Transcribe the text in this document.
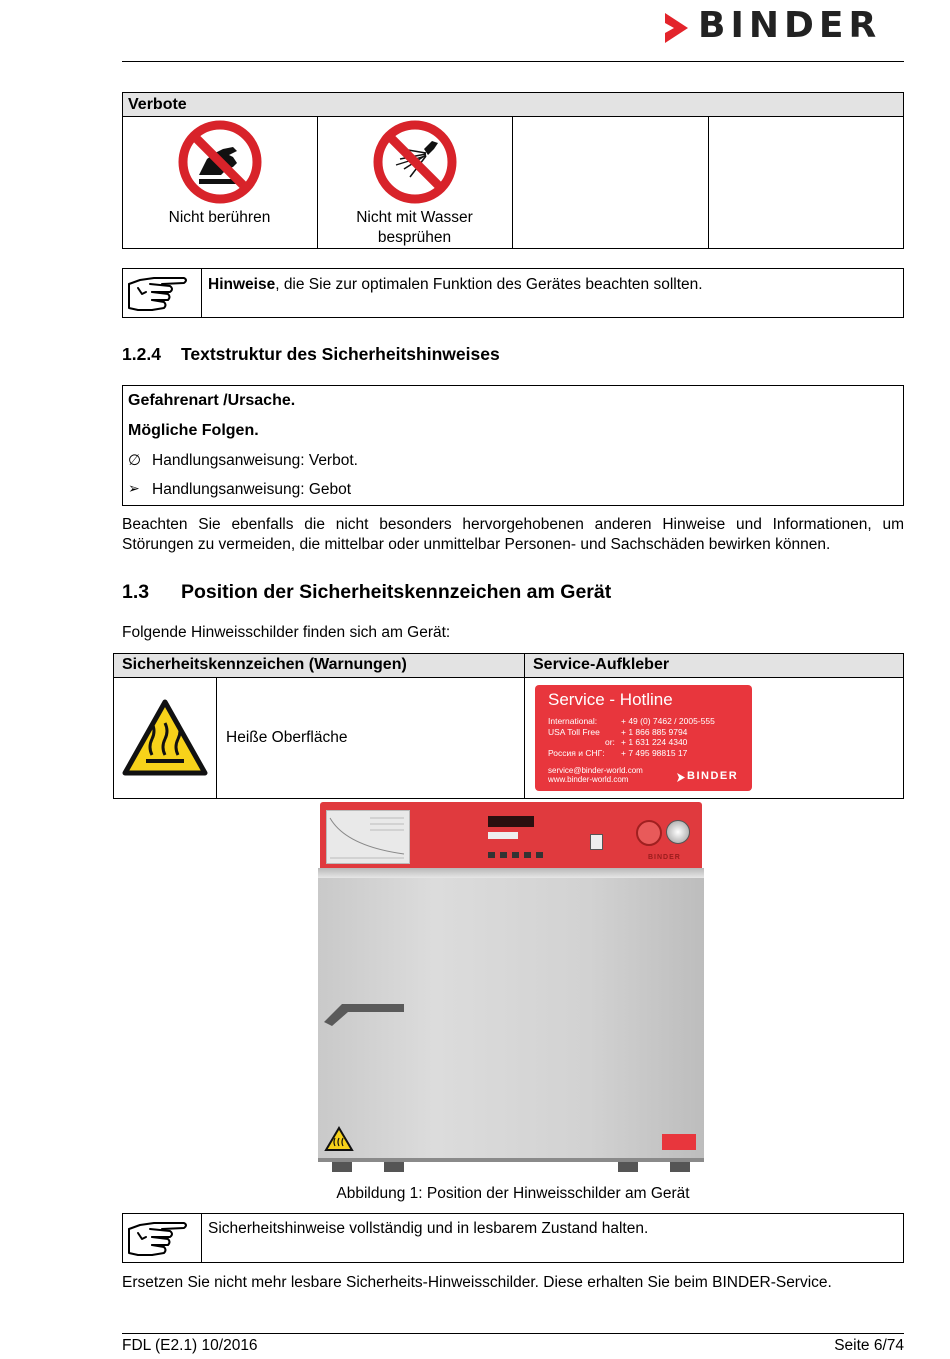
BINDER
Verbote
Nicht berühren	Nicht mit Wasser
besprühen
Hinweise, die Sie zur optimalen Funktion des Gerätes beachten sollten.
1.2.4 Textstruktur des Sicherheitshinweises
Gefahrenart /Ursache.
Mögliche Folgen.
∅ Handlungsanweisung: Verbot.
➢ Handlungsanweisung: Gebot
Beachten Sie ebenfalls die nicht besonders hervorgehobenen anderen Hinweise und Informationen, um
Störungen zu vermeiden, die mittelbar oder unmittelbar Personen- und Sachschäden bewirken können.
1.3 Position der Sicherheitskennzeichen am Gerät
Folgende Hinweisschilder finden sich am Gerät:
Sicherheitskennzeichen (Warnungen)	Service-Aufkleber
Heiße Oberfläche
Service - Hotline
International:	+ 49 (0) 7462 / 2005-555
USA Toll Free + 1 866 885 9794
or: + 1 631 224 4340
Россия и СНГ: + 7 495 98815 17
service@binder-world.com
www.binder-world.com	BINDER
BINDER
Abbildung 1: Position der Hinweisschilder am Gerät
Sicherheitshinweise vollständig und in lesbarem Zustand halten.
Ersetzen Sie nicht mehr lesbare Sicherheits-Hinweisschilder. Diese erhalten Sie beim BINDER-Service.
FDL (E2.1) 10/2016	Seite 6/74
